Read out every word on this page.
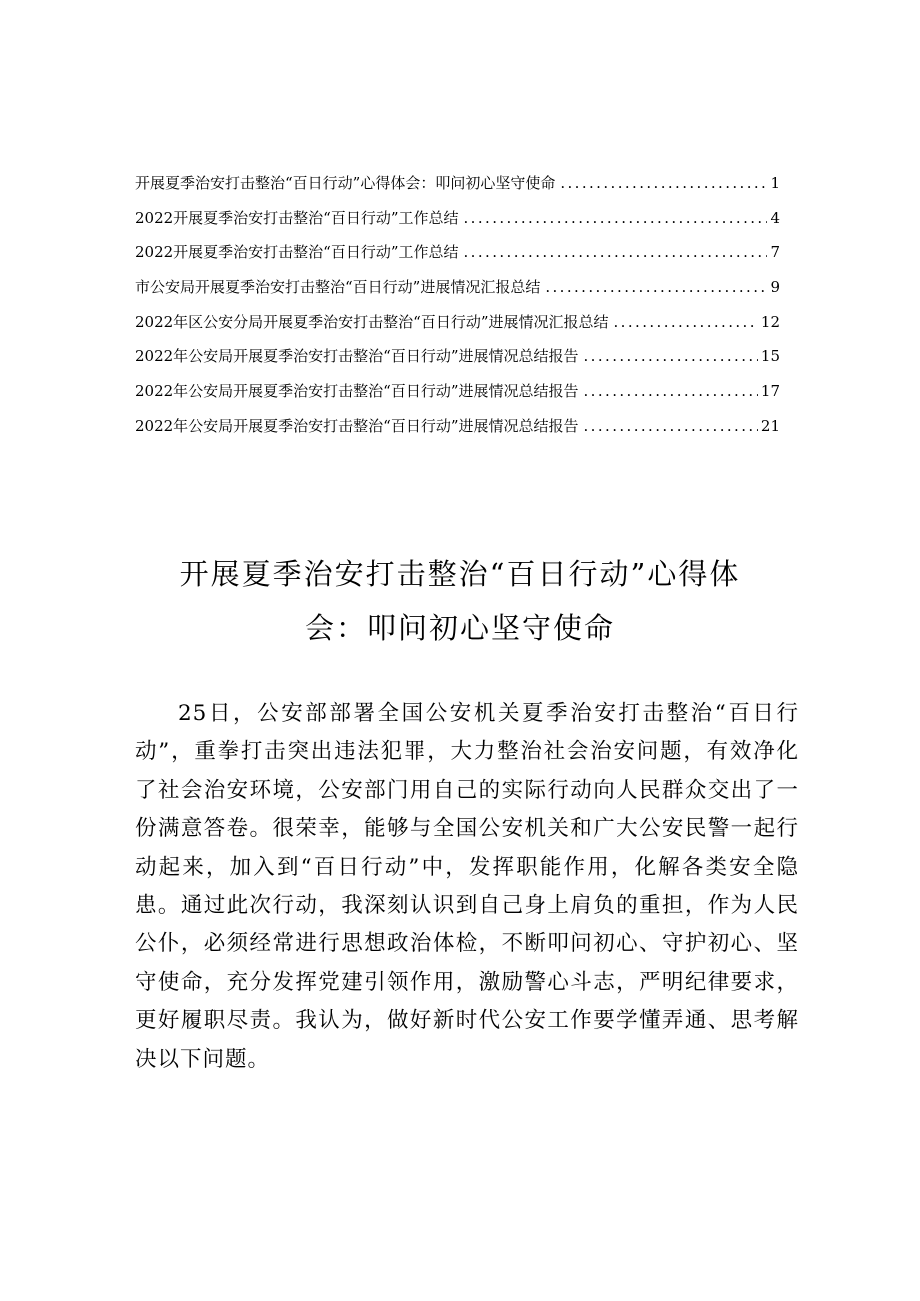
开展夏季治安打击整治“百日行动”心得体会：叩问初心坚守使命 .....	1
2022开展夏季治安打击整治“百日行动”工作总结 .....	4
2022开展夏季治安打击整治“百日行动”工作总结 .....	7
市公安局开展夏季治安打击整治“百日行动”进展情况汇报总结 .....	9
2022年区公安分局开展夏季治安打击整治“百日行动”进展情况汇报总结 .....	12
2022年公安局开展夏季治安打击整治“百日行动”进展情况总结报告 .....	15
2022年公安局开展夏季治安打击整治“百日行动”进展情况总结报告 .....	17
2022年公安局开展夏季治安打击整治“百日行动”进展情况总结报告 .....	21
开展夏季治安打击整治“百日行动”心得体
会：叩问初心坚守使命

25日，公安部部署全国公安机关夏季治安打击整治“百日行动”，重拳打击突出违法犯罪，大力整治社会治安问题，有效净化了社会治安环境，公安部门用自己的实际行动向人民群众交出了一份满意答卷。很荣幸，能够与全国公安机关和广大公安民警一起行动起来，加入到“百日行动”中，发挥职能作用，化解各类安全隐患。通过此次行动，我深刻认识到自己身上肩负的重担，作为人民公仆，必须经常进行思想政治体检，不断叩问初心、守护初心、坚守使命，充分发挥党建引领作用，激励警心斗志，严明纪律要求，更好履职尽责。我认为，做好新时代公安工作要学懂弄通、思考解决以下问题。
